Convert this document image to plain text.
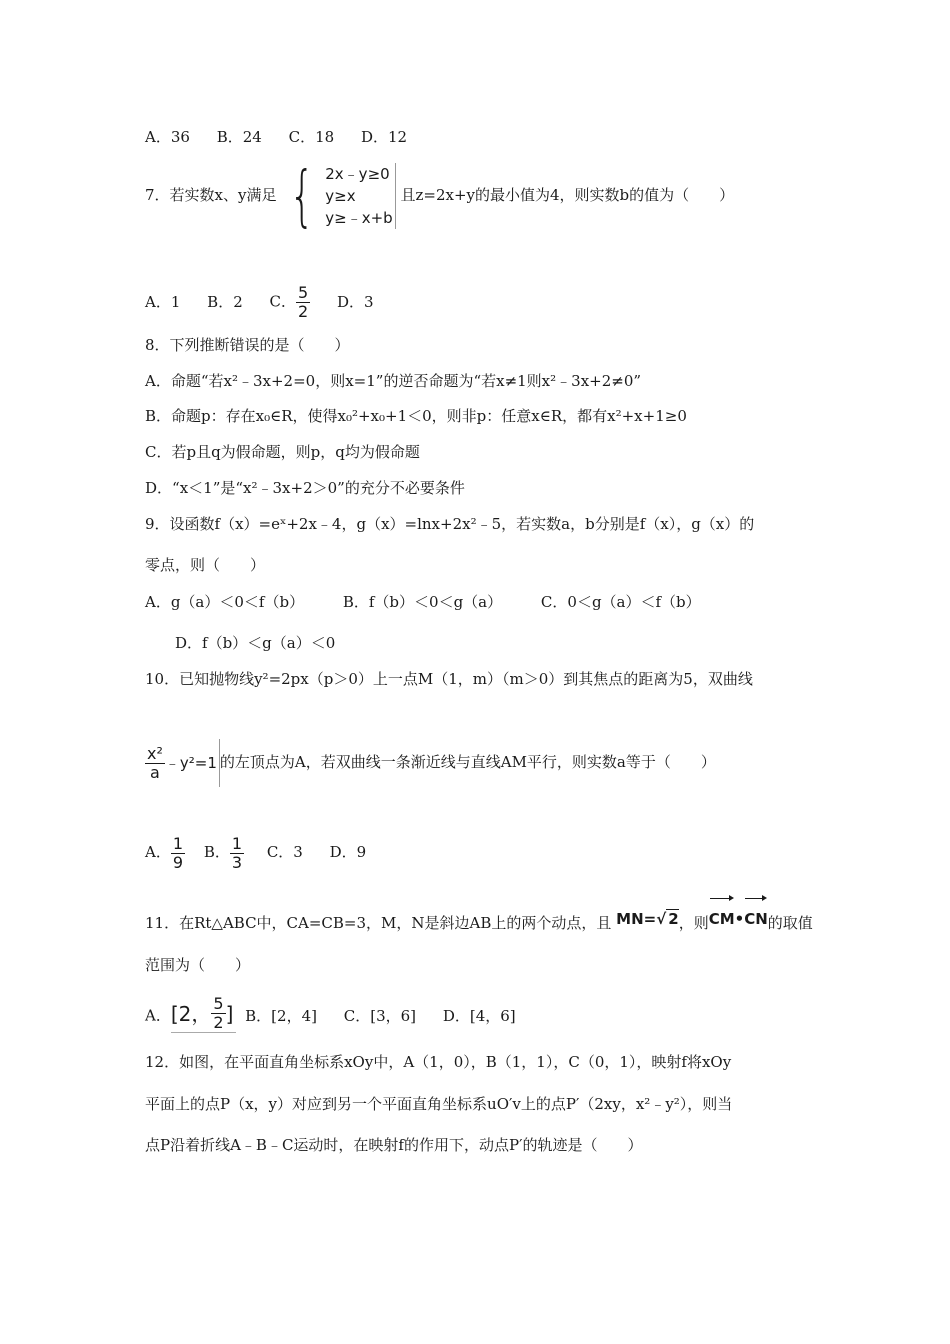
A．36 B．24 C．18 D．12
7．若实数x、y满足 { 2x﹣y≥0
y≥x
y≥﹣x+b
且z=2x+y的最小值为4，则实数b的值为（　　）
A．1 B．2 C． $\frac{5}{2}$ D．3
8．下列推断错误的是（　　）
A．命题“若x²﹣3x+2=0，则x=1”的逆否命题为“若x≠1则x²﹣3x+2≠0”
B．命题p：存在x₀∈R，使得x₀²+x₀+1＜0，则非p：任意x∈R，都有x²+x+1≥0
C．若p且q为假命题，则p，q均为假命题
D．“x＜1”是“x²﹣3x+2＞0”的充分不必要条件
9．设函数f（x）=eˣ+2x﹣4，g（x）=lnx+2x²﹣5，若实数a，b分别是f（x），g（x）的
零点，则（　　）
A．g（a）＜0＜f（b）	B．f（b）＜0＜g（a）	C．0＜g（a）＜f（b）
D．f（b）＜g（a）＜0
10．已知抛物线y²=2px（p＞0）上一点M（1，m）（m＞0）到其焦点的距离为5，双曲线
$\frac{\text{x²}}{a}$ ﹣y²=1 的左顶点为A，若双曲线一条渐近线与直线AM平行，则实数a等于（　　）
A． $\frac{1}{9}$ B． $\frac{1}{3}$ C．3 D．9
11．在Rt△ABC中，CA=CB=3，M，N是斜边AB上的两个动点，且 MN=√ 2，则CM•CN的取值
范围为（　　）
A． [2， $\frac{5}{2}$ ] B．[2，4] C．[3，6] D．[4，6]
12．如图，在平面直角坐标系xOy中，A（1，0），B（1，1），C（0，1），映射f将xOy
平面上的点P（x，y）对应到另一个平面直角坐标系uO′v上的点P′（2xy，x²﹣y²），则当
点P沿着折线A﹣B﹣C运动时，在映射f的作用下，动点P′的轨迹是（　　）
